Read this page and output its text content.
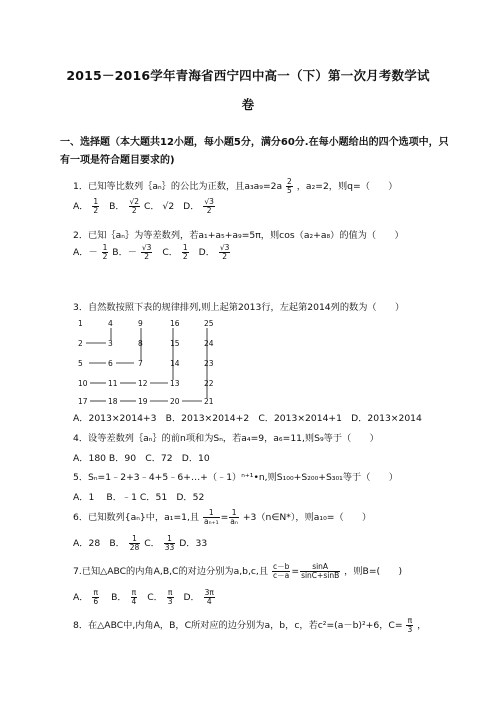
2015－2016学年青海省西宁四中高一（下）第一次月考数学试
卷
一、选择题（本大题共12小题，每小题5分，满分60分.在每小题给出的四个选项中，只有一项是符合题目要求的)
1．已知等比数列｛aₙ｝的公比为正数，且$a_3a_9=2a \frac{2}{5}$ ，a₂=2，则q=（　　）
A． $\frac{1}{2}$ B． $\frac{√2}{2}$ C． √2 D． $\frac{√3}{2}$
2．已知｛aₙ｝为等差数列，若a₁+a₅+a₉=5π，则cos（a₂+a₈）的值为（　　）
A．－ $\frac{1}{2}$ B．－ $\frac{√3}{2}$ C． $\frac{1}{2}$ D． $\frac{√3}{2}$
3．自然数按照下表的规律排列,则上起第2013行，左起第2014列的数为（　　）
1	4	9	16	25
2	3	8	15	24
5	6	7	14	23
10	11	12	13	22
17	18	19	20	21
A．2013×2014+3　B．2013×2014+2　C．2013×2014+1　D．2013×2014
4．设等差数列｛aₙ｝的前n项和为Sₙ，若a₄=9，a₆=11,则S₉等于（　　）
A．180 B．90　C．72　D．10
5．Sₙ=1﹣2+3﹣4+5﹣6+…+（﹣1）ⁿ⁺¹•n,则S₁₀₀+S₂₀₀+S₃₀₁等于（　　）
A．1　 B．﹣1 C．51　D．52
6．已知数列{aₙ}中，a₁=1,且 $\frac{1}{\text{aₙ₊₁}} = \frac{1}{\text{aₙ}}$ +3（n∈N*），则a₁₀=（　　）
A．28　B． $\frac{1}{28}$ C． $\frac{1}{33}$ D．33
7.已知△ABC的内角A,B,C的对边分别为a,b,c,且 $\frac{c-b}{c-a} = \frac{\sin A}{\sin C+\sin B}$ ，则B=(　　)
A． $\frac{\pi}{6}$ B． $\frac{\pi}{4}$ C． $\frac{\pi}{3}$ D． $\frac{3\pi}{4}$
8．在△ABC中,内角A，B，C所对应的边分别为a，b，c，若c²=(a－b)²+6，$C= \frac{\pi}{3}$ ，
